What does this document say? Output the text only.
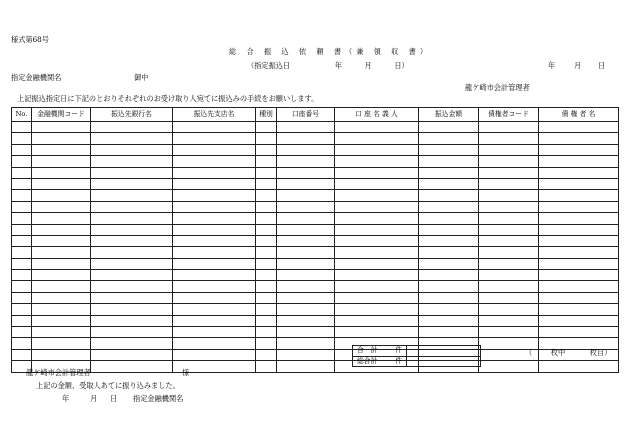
様式第68号
総 合 振 込 依 頼 書（兼 領 収 書）
（指定振込日	年	月	日）	年	月 日
指定金融機関名	御中
龍ケ崎市会計管理者
上記振込指定日に下記のとおりそれぞれのお受け取り人宛てに振込みの手続をお願いします。
No.	金融機関コード	振込先銀行名	振込先支店名	種別	口座番号	口 座 名 義 人	振込金額	債権者コード	債 権 者 名

合　計 件	

総合計 件	

（	枚中	枚目）
龍ケ崎市会計管理者	様
上記の金額、受取人あてに振り込みました。
年	月 日 指定金融機関名
